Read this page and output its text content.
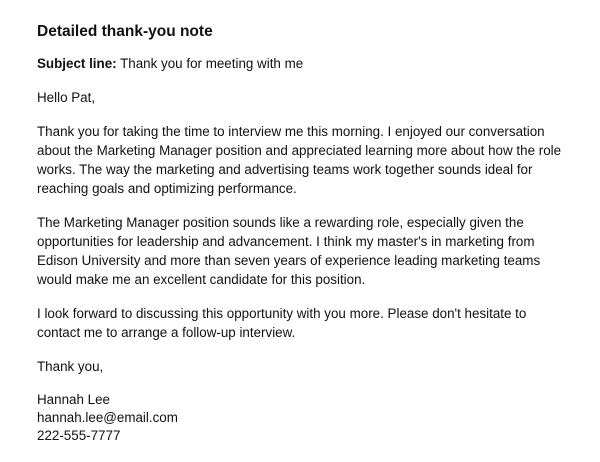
Detailed thank-you note
Subject line: Thank you for meeting with me
Hello Pat,
Thank you for taking the time to interview me this morning. I enjoyed our conversation about the Marketing Manager position and appreciated learning more about how the role works. The way the marketing and advertising teams work together sounds ideal for reaching goals and optimizing performance.
The Marketing Manager position sounds like a rewarding role, especially given the opportunities for leadership and advancement. I think my master's in marketing from Edison University and more than seven years of experience leading marketing teams would make me an excellent candidate for this position.
I look forward to discussing this opportunity with you more. Please don't hesitate to contact me to arrange a follow-up interview.
Thank you,
Hannah Lee
hannah.lee@email.com
222-555-7777
